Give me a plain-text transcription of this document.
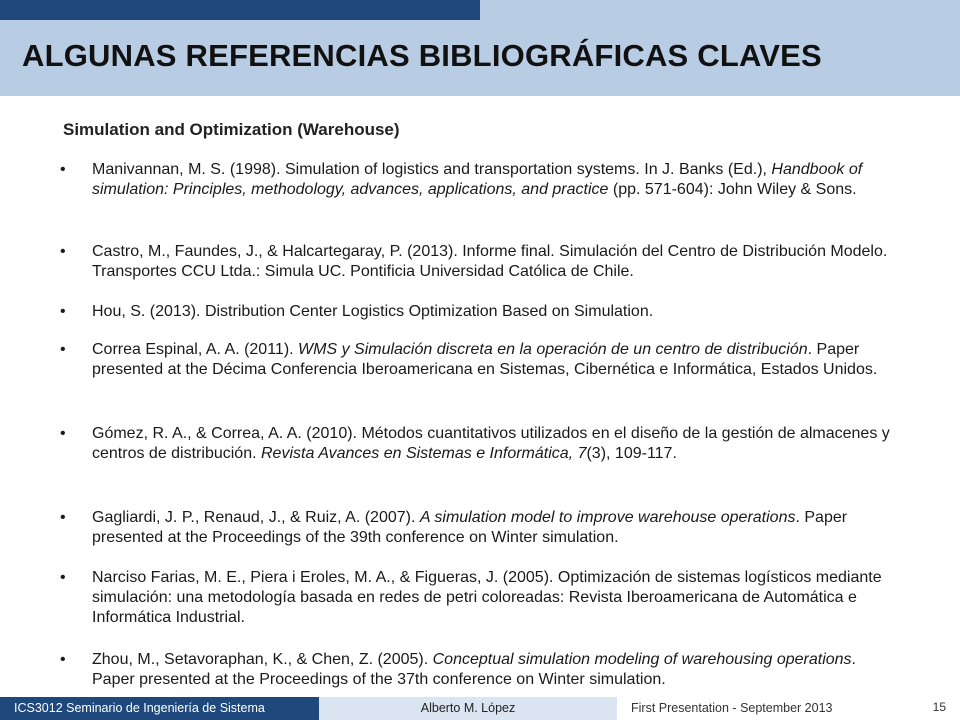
ALGUNAS REFERENCIAS BIBLIOGRÁFICAS CLAVES
Simulation and Optimization (Warehouse)
•	Manivannan, M. S. (1998). Simulation of logistics and transportation systems. In J. Banks (Ed.), Handbook of simulation: Principles, methodology, advances, applications, and practice (pp. 571-604): John Wiley & Sons.
•	Castro, M., Faundes, J., & Halcartegaray, P. (2013). Informe final. Simulación del Centro de Distribución Modelo. Transportes CCU Ltda.: Simula UC. Pontificia Universidad Católica de Chile.
•	Hou, S. (2013). Distribution Center Logistics Optimization Based on Simulation.
•	Correa Espinal, A. A. (2011). WMS y Simulación discreta en la operación de un centro de distribución. Paper presented at the Décima Conferencia Iberoamericana en Sistemas, Cibernética e Informática, Estados Unidos.
•	Gómez, R. A., & Correa, A. A. (2010). Métodos cuantitativos utilizados en el diseño de la gestión de almacenes y centros de distribución. Revista Avances en Sistemas e Informática, 7(3), 109-117.
•	Gagliardi, J. P., Renaud, J., & Ruiz, A. (2007). A simulation model to improve warehouse operations. Paper presented at the Proceedings of the 39th conference on Winter simulation.
•	Narciso Farias, M. E., Piera i Eroles, M. A., & Figueras, J. (2005). Optimización de sistemas logísticos mediante simulación: una metodología basada en redes de petri coloreadas: Revista Iberoamericana de Automática e Informática Industrial.
•	Zhou, M., Setavoraphan, K., & Chen, Z. (2005). Conceptual simulation modeling of warehousing operations. Paper presented at the Proceedings of the 37th conference on Winter simulation.
ICS3012 Seminario de Ingeniería de Sistema	Alberto M. López	First Presentation - September 2013	15
